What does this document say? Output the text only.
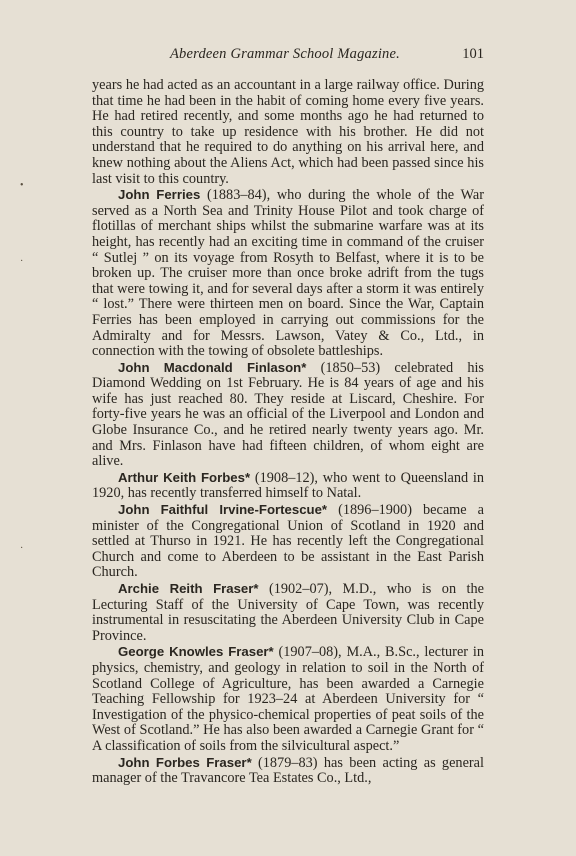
Aberdeen Grammar School Magazine.	101

years he had acted as an accountant in a large railway office. During that time he had been in the habit of coming home every five years. He had retired recently, and some months ago he had returned to this country to take up residence with his brother. He did not understand that he required to do anything on his arrival here, and knew nothing about the Aliens Act, which had been passed since his last visit to this country.

John Ferries (1883–84), who during the whole of the War served as a North Sea and Trinity House Pilot and took charge of flotillas of merchant ships whilst the submarine warfare was at its height, has recently had an exciting time in command of the cruiser “ Sutlej ” on its voyage from Rosyth to Belfast, where it is to be broken up. The cruiser more than once broke adrift from the tugs that were towing it, and for several days after a storm it was entirely “ lost.” There were thirteen men on board. Since the War, Captain Ferries has been employed in carrying out commissions for the Admiralty and for Messrs. Lawson, Vatey & Co., Ltd., in connection with the towing of obsolete battleships.

John Macdonald Finlason* (1850–53) celebrated his Diamond Wedding on 1st February. He is 84 years of age and his wife has just reached 80. They reside at Liscard, Cheshire. For forty-five years he was an official of the Liverpool and London and Globe Insurance Co., and he retired nearly twenty years ago. Mr. and Mrs. Finlason have had fifteen children, of whom eight are alive.

Arthur Keith Forbes* (1908–12), who went to Queensland in 1920, has recently transferred himself to Natal.

John Faithful Irvine-Fortescue* (1896–1900) became a minister of the Congregational Union of Scotland in 1920 and settled at Thurso in 1921. He has recently left the Congregational Church and come to Aberdeen to be assistant in the East Parish Church.

Archie Reith Fraser* (1902–07), M.D., who is on the Lecturing Staff of the University of Cape Town, was recently instrumental in resuscitating the Aberdeen University Club in Cape Province.

George Knowles Fraser* (1907–08), M.A., B.Sc., lecturer in physics, chemistry, and geology in relation to soil in the North of Scotland College of Agriculture, has been awarded a Carnegie Teaching Fellowship for 1923–24 at Aberdeen University for “ Investigation of the physico-chemical properties of peat soils of the West of Scotland.” He has also been awarded a Carnegie Grant for “ A classification of soils from the silvicultural aspect.”

John Forbes Fraser* (1879–83) has been acting as general manager of the Travancore Tea Estates Co., Ltd.,

•
·
·
